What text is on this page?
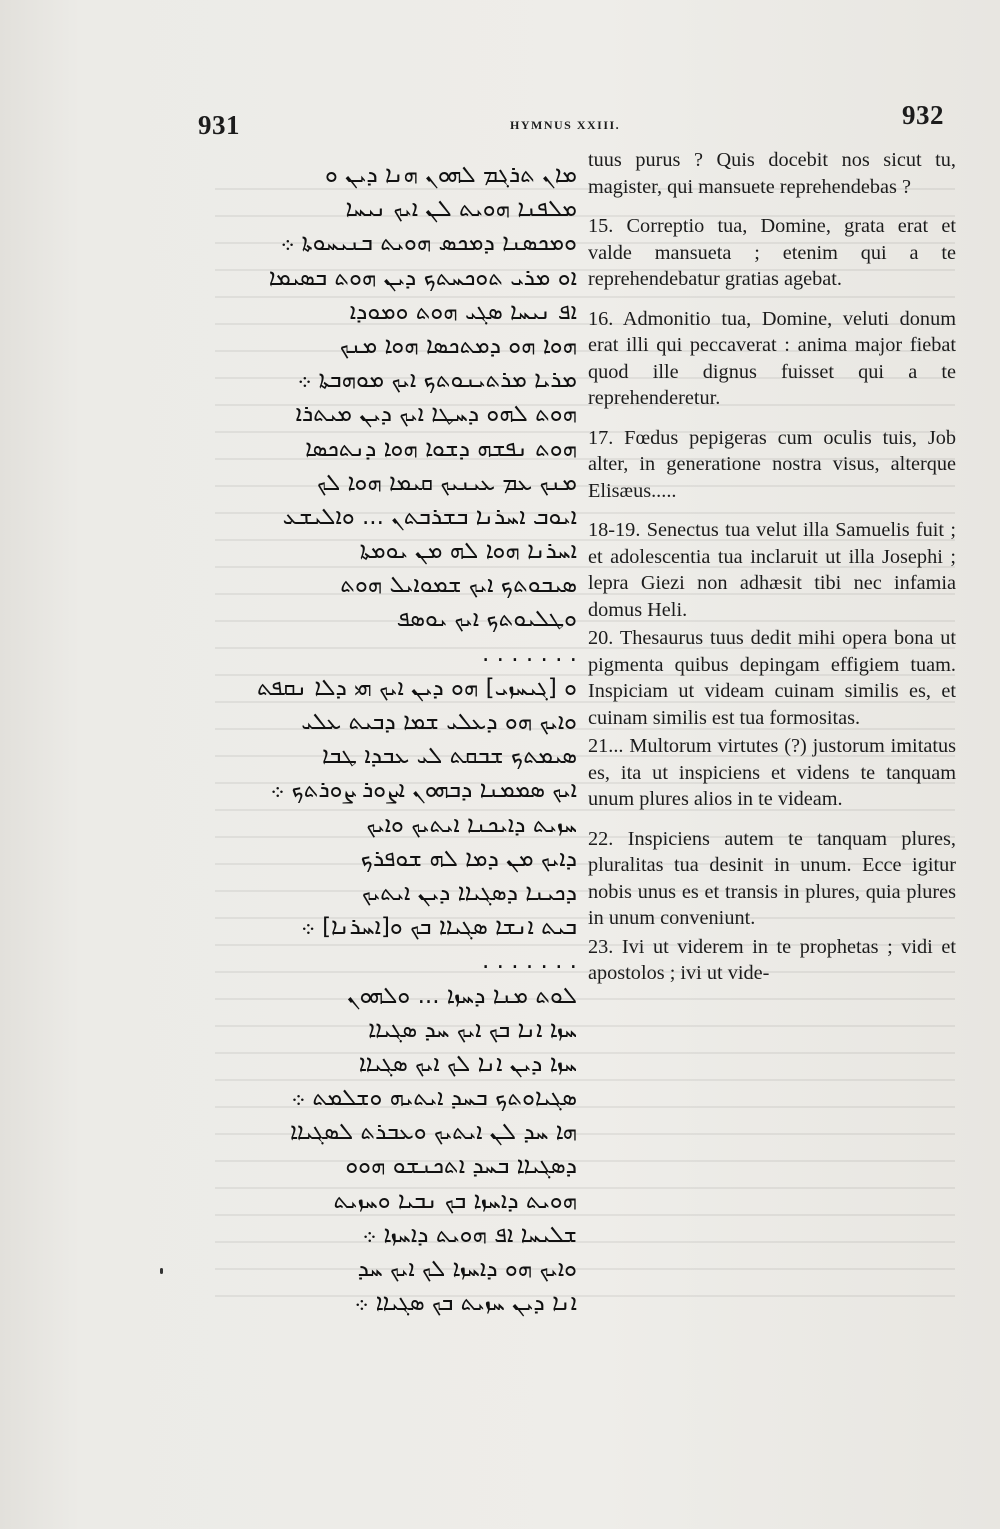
931	HYMNUS XXIII.	932
ܡܐܢ ܬܪܓܡ ܠܗܘܢ ܗܢܐ ܕܝܢ ܘ
ܡܠܦܢܐ ܗܘܝܬ ܠܢ ܐܝܟ ܢܝܚܐ
ܘܡܟܣܢܐ ܕܡܟܣ ܗܘܝܬ ܒܢܝܚܘܬܐ ܀
ܐܘ ܡܪܝ ܬܘܟܚܬܟ ܕܝܢ ܗܘܬ ܒܣܝܡܐ
ܐܦ ܢܝܚܐ ܣܓܝ ܗܘܬ ܘܡܘܕܐ
ܗܘܐ ܗܘ ܕܡܬܟܣܐ ܗܘܐ ܡܢܟ
ܡܪܝܐ ܡܪܬܝܢܘܬܟ ܐܝܟ ܡܘܗܒܬܐ ܀
ܗܘܬ ܠܗܘ ܕܚܛܐ ܐܝܟ ܕܝܢ ܡܝܬܪܐ
ܗܘܬ ܢܦܫܗ ܕܫܘܐ ܗܘܐ ܕܢܬܟܣܐ
ܡܢܟ ܥܡ ܥܝܢܝܟ ܩܝܡܐ ܗܘܐ ܠܟ
ܐܝܘܒ ܐܚܪܢܐ ܒܫܪܒܬܢ ... ܘܐܠܝܫܥ
ܐܚܪܢܐ ܗܘܐ ܠܗ ܡܢ ܝܘܡܬܐ
ܣܝܒܘܬܟ ܐܝܟ ܫܡܘܐܝܠ ܗܘܬ
ܘܛܠܝܘܬܟ ܐܝܟ ܝܘܣܦ
. . . . . . .
ܘ [ܓܝܚܙܝ] ܗܘ ܕܝܢ ܐܝܟ ܗܝ ܕܠܐ ܢܩܦܬ
ܘܐܝܟ ܗܘ ܕܥܠܝ ܫܡܐ ܕܒܝܬ ܥܠܝ
ܣܝܡܬܟ ܫܒܩܬ ܠܝ ܥܒܕܐ ܛܒܐ
ܐܝܟ ܣܡܡܢܐ ܕܒܗܘܢ ܐܨܘܪ ܨܘܪܬܟ ܀
ܚܙܝܬ ܕܐܝܟܢܐ ܐܝܬܝܟ ܘܐܝܟ
ܕܐܝܟ ܡܢ ܕܡܐ ܠܗ ܫܘܦܪܟ
ܕܟܝܢܐ ܕܣܓܝܐܐ ܕܝܢ ܐܝܬܝܟ
ܒܝܬ ܐܢܫܐ ܣܓܝܐܐ ܒܟ ܘ[ܐܚܪܢܐ] ܀
. . . . . . .
ܠܘܬ ܡܢܐ ܕܚܙܐ ... ܘܠܗܘܢ
ܚܙܐ ܐܢܐ ܒܟ ܐܝܟ ܚܕ ܣܓܝܐܐ
ܚܙܐ ܕܝܢ ܐܢܐ ܠܟ ܐܝܟ ܣܓܝܐܐ
ܣܓܝܐܘܬܟ ܒܚܕ ܐܝܬܝܗ ܘܫܠܡܬ ܀
ܗܐ ܚܕ ܠܢ ܐܝܬܝܟ ܘܥܒܪܬ ܠܣܓܝܐܐ
ܕܣܓܝܐܐ ܒܚܕ ܐܬܟܢܫܘ ܗܘܘ
ܗܘܝܬ ܕܐܚܙܐ ܒܟ ܢܒܝܐ ܘܚܙܝܬ
ܫܠܝܚܐ ܐܦ ܗܘܝܬ ܕܐܚܙܐ ܀
ܘܐܝܟ ܗܘ ܕܐܚܙܐ ܠܟ ܐܝܟ ܚܕ
ܐܢܐ ܕܝܢ ܚܙܝܬ ܒܟ ܣܓܝܐܐ ܀

tuus purus ? Quis docebit nos sicut tu, magister, qui mansuete reprehendebas ?

15. Correptio tua, Domine, grata erat et valde mansueta ; etenim qui a te reprehendebatur gratias agebat.

16. Admonitio tua, Domine, veluti donum erat illi qui peccaverat : anima major fiebat quod ille dignus fuisset qui a te reprehenderetur.

17. Fœdus pepigeras cum oculis tuis, Job alter, in generatione nostra visus, alterque Elisæus.....

18-19. Senectus tua velut illa Samuelis fuit ; et adolescentia tua inclaruit ut illa Josephi ; lepra Giezi non adhæsit tibi nec infamia domus Heli.

20. Thesaurus tuus dedit mihi opera bona ut pigmenta quibus depingam effigiem tuam. Inspiciam ut videam cuinam similis es, et cuinam similis est tua formositas.

21... Multorum virtutes (?) justorum imitatus es, ita ut inspiciens et videns te tanquam unum plures alios in te videam.

22. Inspiciens autem te tanquam plures, pluralitas tua desinit in unum. Ecce igitur nobis unus es et transis in plures, quia plures in unum conveniunt.

23. Ivi ut viderem in te prophetas ; vidi et apostolos ; ivi ut vide-
